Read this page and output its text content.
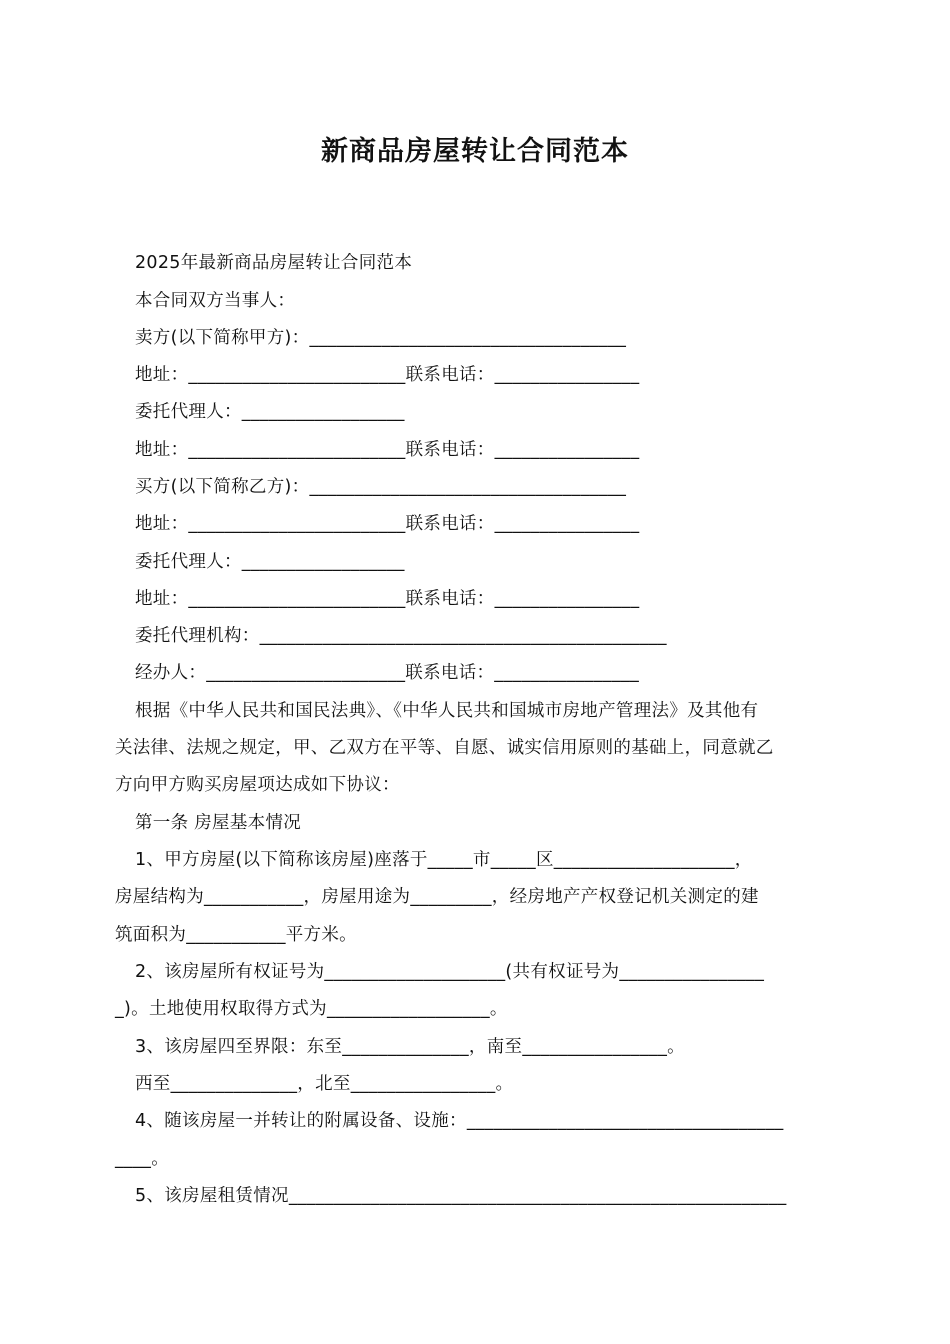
新商品房屋转让合同范本
2025年最新商品房屋转让合同范本
本合同双方当事人：
卖方(以下简称甲方)：___________________________________
地址：________________________联系电话：________________
委托代理人：__________________
地址：________________________联系电话：________________
买方(以下简称乙方)：___________________________________
地址：________________________联系电话：________________
委托代理人：__________________
地址：________________________联系电话：________________
委托代理机构：_____________________________________________
经办人：______________________联系电话：________________
根据《中华人民共和国民法典》、《中华人民共和国城市房地产管理法》及其他有
关法律、法规之规定，甲、乙双方在平等、自愿、诚实信用原则的基础上，同意就乙
方向甲方购买房屋项达成如下协议：
第一条 房屋基本情况
1、甲方房屋(以下简称该房屋)座落于_____市_____区____________________，
房屋结构为___________，房屋用途为_________，经房地产产权登记机关测定的建
筑面积为___________平方米。
2、该房屋所有权证号为____________________(共有权证号为________________
_)。土地使用权取得方式为__________________。
3、该房屋四至界限：东至______________，南至________________。
西至______________，北至________________。
4、随该房屋一并转让的附属设备、设施：___________________________________
____。
5、该房屋租赁情况_______________________________________________________
